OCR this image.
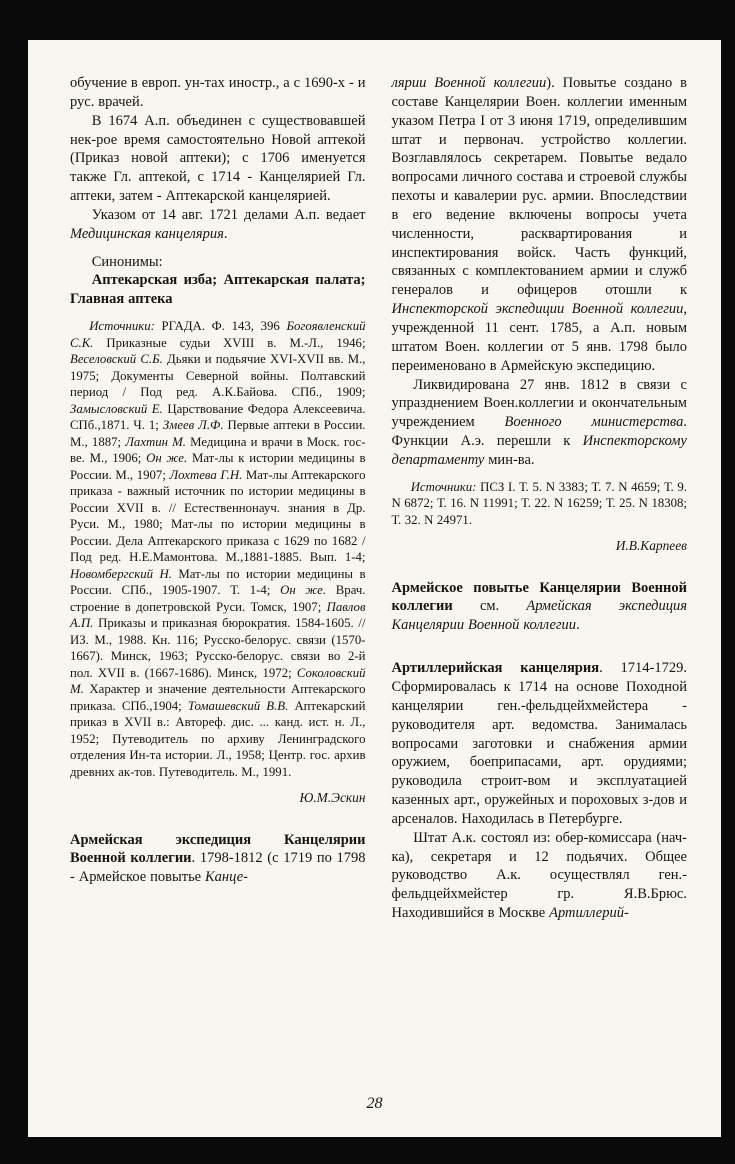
обучение в европ. ун-тах иностр., а с 1690-х - и рус. врачей.

В 1674 А.п. объединен с существовавшей нек-рое время самостоятельно Новой аптекой (Приказ новой аптеки); с 1706 именуется также Гл. аптекой, с 1714 - Канцелярией Гл. аптеки, затем - Аптекарской канцелярией.

Указом от 14 авг. 1721 делами А.п. ведает Медицинская канцелярия.

Синонимы:

Аптекарская изба; Аптекарская палата; Главная аптека

Источники: РГАДА. Ф. 143, 396 Богоявленский С.К. Приказные судьи XVIII в. М.-Л., 1946; Веселовский С.Б. Дьяки и подьячие XVI-XVII вв. М., 1975; Документы Северной войны. Полтавский период / Под ред. А.К.Байова. СПб., 1909; Замысловский Е. Царствование Федора Алексеевича. СПб.,1871. Ч. 1; Змеев Л.Ф. Первые аптеки в России. М., 1887; Лахтин М. Медицина и врачи в Моск. гос-ве. М., 1906; Он же. Мат-лы к истории медицины в России. М., 1907; Лохтева Г.Н. Мат-лы Аптекарского приказа - важный источник по истории медицины в России XVII в. // Естественнонауч. знания в Др. Руси. М., 1980; Мат-лы по истории медицины в России. Дела Аптекарского приказа с 1629 по 1682 / Под ред. Н.Е.Мамонтова. М.,1881-1885. Вып. 1-4; Новомбергский Н. Мат-лы по истории медицины в России. СПб., 1905-1907. Т. 1-4; Он же. Врач. строение в допетровской Руси. Томск, 1907; Павлов А.П. Приказы и приказная бюрократия. 1584-1605. // ИЗ. М., 1988. Кн. 116; Русско-белорус. связи (1570-1667). Минск, 1963; Русско-белорус. связи во 2-й пол. XVII в. (1667-1686). Минск, 1972; Соколовский М. Характер и значение деятельности Аптекарского приказа. СПб.,1904; Томашевский В.В. Аптекарский приказ в XVII в.: Автореф. дис. ... канд. ист. н. Л., 1952; Путеводитель по архиву Ленинградского отделения Ин-та истории. Л., 1958; Центр. гос. архив древних ак-тов. Путеводитель. М., 1991.

Ю.М.Эскин

Армейская экспедиция Канцелярии Военной коллегии. 1798-1812 (с 1719 по 1798 - Армейское повытье Канце-

лярии Военной коллегии). Повытье создано в составе Канцелярии Воен. коллегии именным указом Петра I от 3 июня 1719, определившим штат и первонач. устройство коллегии. Возглавлялось секретарем. Повытье ведало вопросами личного состава и строевой службы пехоты и кавалерии рус. армии. Впоследствии в его ведение включены вопросы учета численности, расквартирования и инспектирования войск. Часть функций, связанных с комплектованием армии и служб генералов и офицеров отошли к Инспекторской экспедиции Военной коллегии, учрежденной 11 сент. 1785, а А.п. новым штатом Воен. коллегии от 5 янв. 1798 было переименовано в Армейскую экспедицию.

Ликвидирована 27 янв. 1812 в связи с упразднением Воен.коллегии и окончательным учреждением Военного министерства. Функции А.э. перешли к Инспекторскому департаменту мин-ва.

Источники: ПСЗ I. Т. 5. N 3383; Т. 7. N 4659; Т. 9. N 6872; Т. 16. N 11991; Т. 22. N 16259; Т. 25. N 18308; Т. 32. N 24971.

И.В.Карпеев

Армейское повытье Канцелярии Военной коллегии см. Армейская экспедиция Канцелярии Военной коллегии.

Артиллерийская канцелярия. 1714-1729. Сформировалась к 1714 на основе Походной канцелярии ген.-фельдцейхмейстера - руководителя арт. ведомства. Занималась вопросами заготовки и снабжения армии оружием, боеприпасами, арт. орудиями; руководила строит-вом и эксплуатацией казенных арт., оружейных и пороховых з-дов и арсеналов. Находилась в Петербурге.

Штат А.к. состоял из: обер-комиссара (нач-ка), секретаря и 12 подьячих. Общее руководство А.к. осуществлял ген.-фельдцейхмейстер гр. Я.В.Брюс. Находившийся в Москве Артиллерий-

28
